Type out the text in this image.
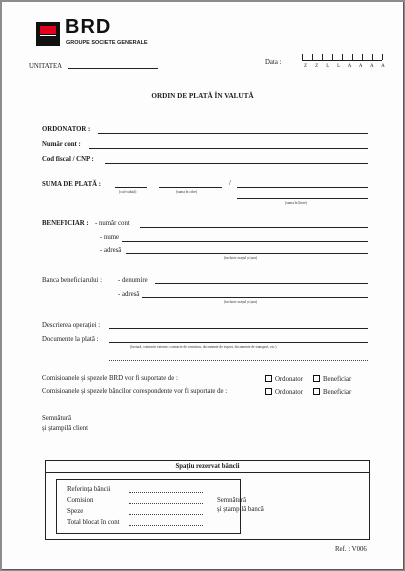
BRD
GROUPE SOCIETE GENERALE
UNITATEA
Data :
Z Z L L A A A A
ORDIN DE PLATĂ ÎN VALUTĂ
ORDONATOR :
Număr cont :
Cod fiscal / CNP :
SUMA DE PLATĂ :
(cod valută)	(suma în cifre)
/
(suma în litere)
BENEFICIAR : - număr cont
- nume
- adresă
(inclusiv orașul și țara)
Banca beneficiarului : - denumire
- adresă
(inclusiv orașul și țara)
Descrierea operației :
Documente la plată :
(factură, contracte externe, contracte de comision, documente de export, documente de transport, etc.)
Comisioanele și spezele BRD vor fi suportate de :	Ordonator	Beneficiar
Comisioanele și spezele băncilor corespondente vor fi suportate de :	Ordonator	Beneficiar
Semnătură
și ștampilă client
Spațiu rezervat băncii
Referința băncii
Comision
Speze
Total blocat în cont
Semnătură
și ștampilă bancă
Ref. : V006
